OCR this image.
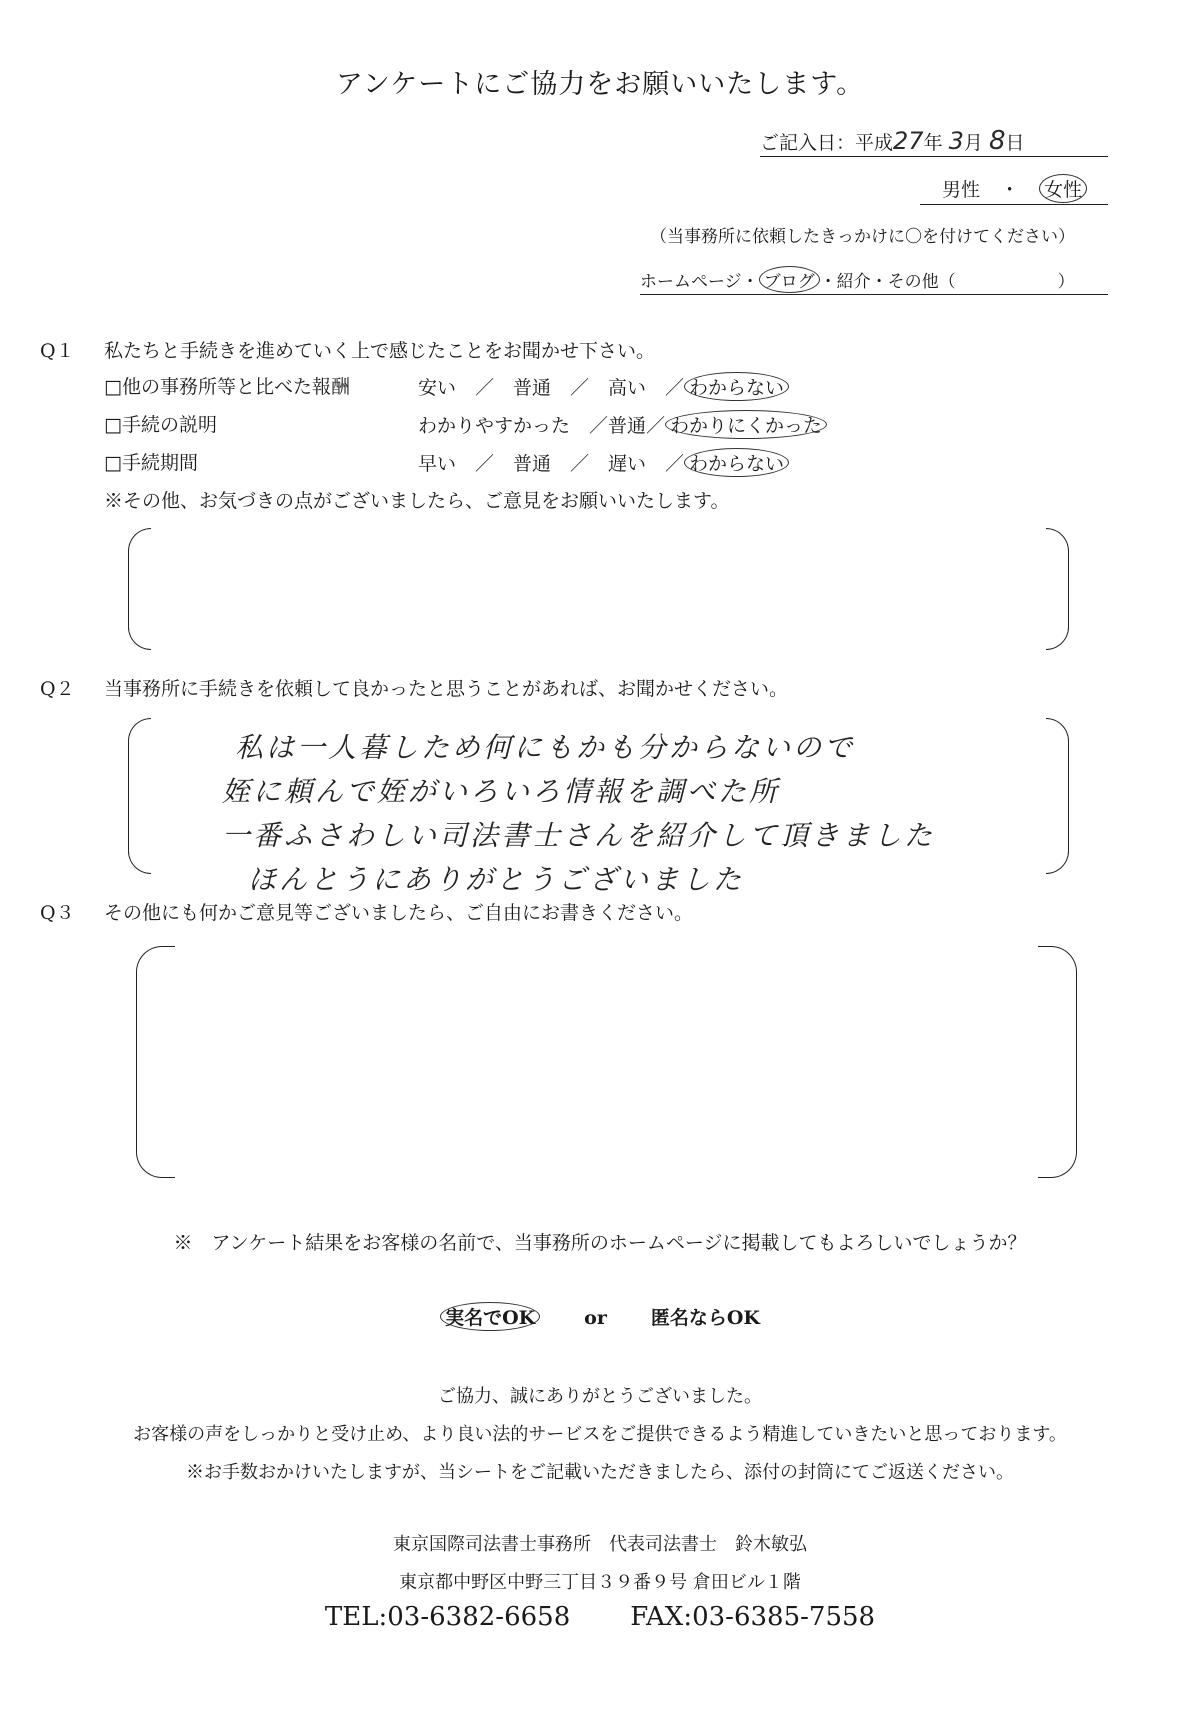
アンケートにご協力をお願いいたします。
ご記入日：平成27年 3月 8日
男性 ・ 女性
（当事務所に依頼したきっかけに〇を付けてください）
ホームページ・ ブログ ・紹介・その他（　　　　　　）
Q１ 私たちと手続きを進めていく上で感じたことをお聞かせ下さい。
□他の事務所等と比べた報酬	安い　／　普通　／　高い　／ わからない
□手続の説明	わかりやすかった　／普通／ わかりにくかった
□手続期間	早い　／　普通　／　遅い　／ わからない
※その他、お気づきの点がございましたら、ご意見をお願いいたします。
Q２ 当事務所に手続きを依頼して良かったと思うことがあれば、お聞かせください。
私は一人暮しため何にもかも分からないので
姪に頼んで姪がいろいろ情報を調べた所
一番ふさわしい司法書士さんを紹介して頂きました
ほんとうにありがとうございました
Q３ その他にも何かご意見等ございましたら、ご自由にお書きください。
※　アンケート結果をお客様の名前で、当事務所のホームページに掲載してもよろしいでしょうか？
実名でOK	or 匿名ならOK
ご協力、誠にありがとうございました。
お客様の声をしっかりと受け止め、より良い法的サービスをご提供できるよう精進していきたいと思っております。
※お手数おかけいたしますが、当シートをご記載いただきましたら、添付の封筒にてご返送ください。
東京国際司法書士事務所　代表司法書士　鈴木敏弘
東京都中野区中野三丁目３９番９号 倉田ビル１階
TEL:03-6382-6658 FAX:03-6385-7558
